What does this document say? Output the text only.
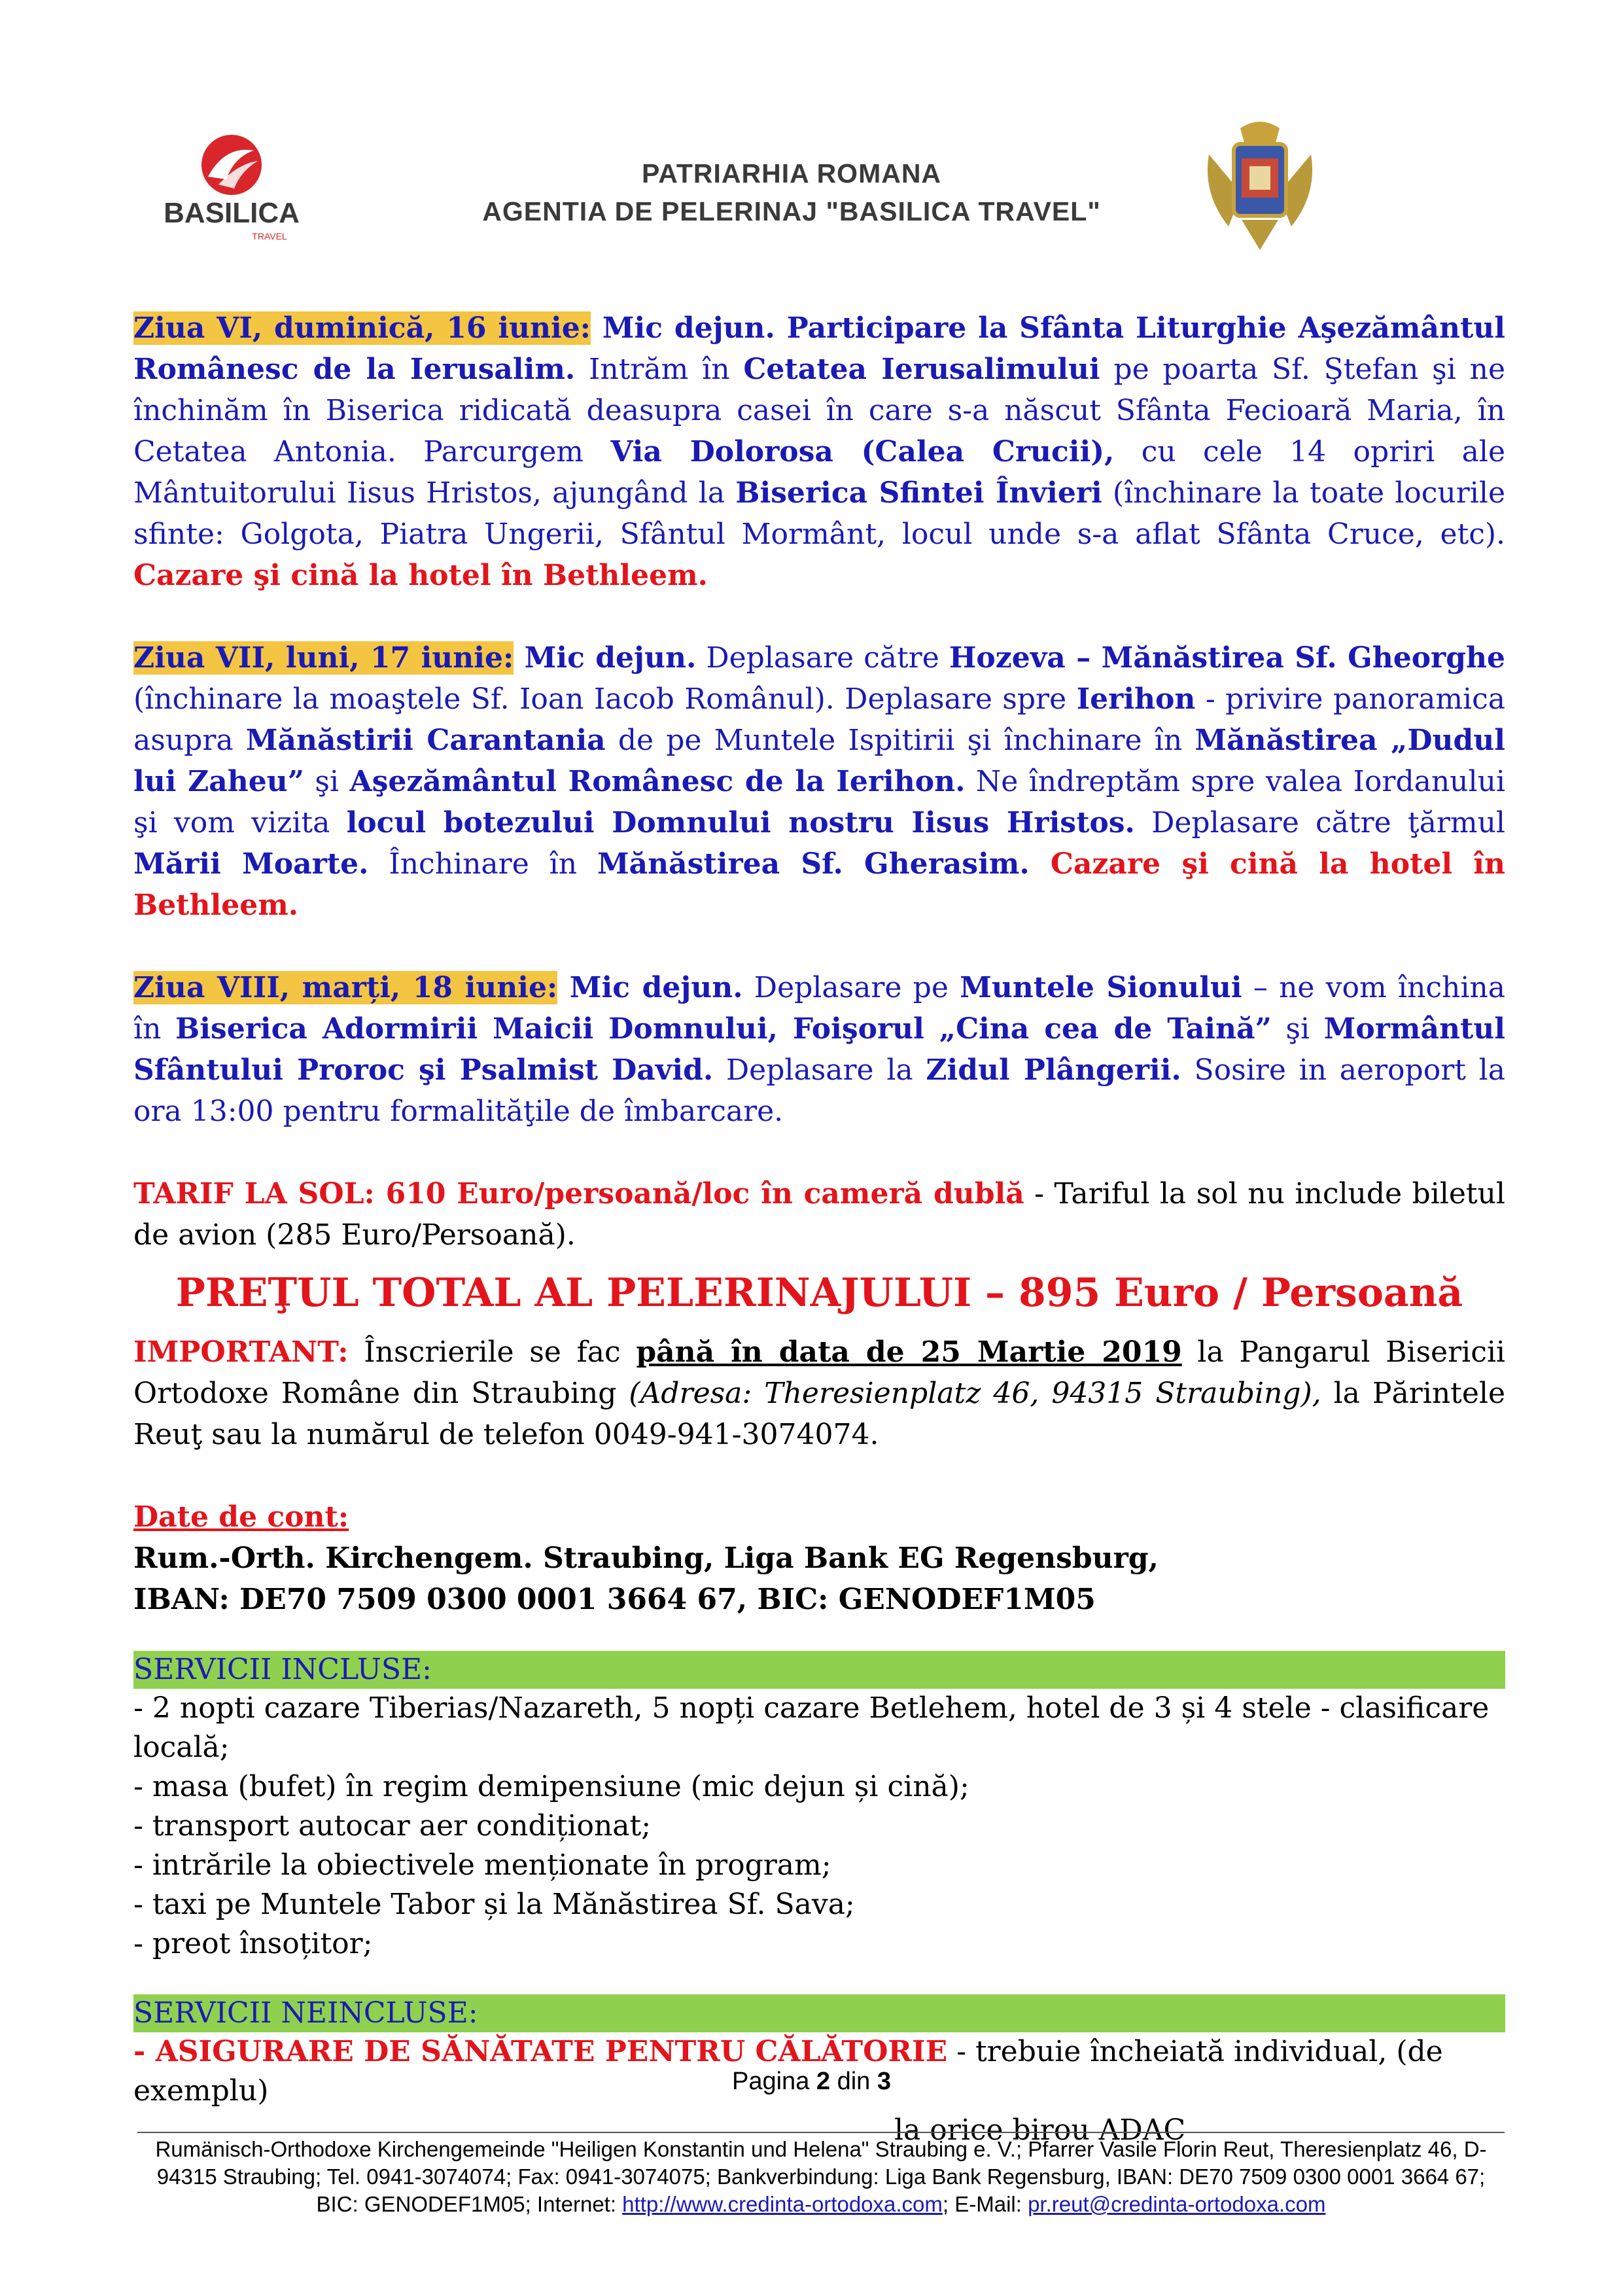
BASILICA
TRAVEL
PATRIARHIA ROMANA
AGENTIA DE PELERINAJ "BASILICA TRAVEL"

Ziua VI, duminică, 16 iunie: Mic dejun. Participare la Sfânta Liturghie Aşezământul Românesc de la Ierusalim. Intrăm în Cetatea Ierusalimului pe poarta Sf. Ştefan şi ne închinăm în Biserica ridicată deasupra casei în care s-a născut Sfânta Fecioară Maria, în Cetatea Antonia. Parcurgem Via Dolorosa (Calea Crucii), cu cele 14 opriri ale Mântuitorului Iisus Hristos, ajungând la Biserica Sfintei Învieri (închinare la toate locurile sfinte: Golgota, Piatra Ungerii, Sfântul Mormânt, locul unde s-a aflat Sfânta Cruce, etc). Cazare şi cină la hotel în Bethleem.

Ziua VII, luni, 17 iunie: Mic dejun. Deplasare către Hozeva – Mănăstirea Sf. Gheorghe (închinare la moaştele Sf. Ioan Iacob Românul). Deplasare spre Ierihon - privire panoramica asupra Mănăstirii Carantania de pe Muntele Ispitirii şi închinare în Mănăstirea „Dudul lui Zaheu” şi Aşezământul Românesc de la Ierihon. Ne îndreptăm spre valea Iordanului şi vom vizita locul botezului Domnului nostru Iisus Hristos. Deplasare către ţărmul Mării Moarte. Închinare în Mănăstirea Sf. Gherasim. Cazare şi cină la hotel în Bethleem.

Ziua VIII, marți, 18 iunie: Mic dejun. Deplasare pe Muntele Sionului – ne vom închina în Biserica Adormirii Maicii Domnului, Foişorul „Cina cea de Taină” şi Mormântul Sfântului Proroc şi Psalmist David. Deplasare la Zidul Plângerii. Sosire in aeroport la ora 13:00 pentru formalităţile de îmbarcare.

TARIF LA SOL: 610 Euro/persoană/loc în cameră dublă - Tariful la sol nu include biletul de avion (285 Euro/Persoană).

PREŢUL TOTAL AL PELERINAJULUI – 895 Euro / Persoană

IMPORTANT: Înscrierile se fac până în data de 25 Martie 2019 la Pangarul Bisericii Ortodoxe Române din Straubing (Adresa: Theresienplatz 46, 94315 Straubing), la Părintele Reuţ sau la numărul de telefon 0049-941-3074074.

Date de cont:
Rum.-Orth. Kirchengem. Straubing, Liga Bank EG Regensburg,
IBAN: DE70 7509 0300 0001 3664 67, BIC: GENODEF1M05
SERVICII INCLUSE:
- 2 nopti cazare Tiberias/Nazareth, 5 nopți cazare Betlehem, hotel de 3 și 4 stele - clasificare locală;
- masa (bufet) în regim demipensiune (mic dejun și cină);
- transport autocar aer condiționat;
- intrările la obiectivele menționate în program;
- taxi pe Muntele Tabor și la Mănăstirea Sf. Sava;
- preot însoțitor;
SERVICII NEINCLUSE:
- ASIGURARE DE SĂNĂTATE PENTRU CĂLĂTORIE - trebuie încheiată individual, (de exemplu)
la orice birou ADAC
Pagina 2 din 3
Rumänisch-Orthodoxe Kirchengemeinde "Heiligen Konstantin und Helena" Straubing e. V.; Pfarrer Vasile Florin Reut, Theresienplatz 46, D-
94315 Straubing; Tel. 0941-3074074; Fax: 0941-3074075; Bankverbindung: Liga Bank Regensburg, IBAN: DE70 7509 0300 0001 3664 67;
BIC: GENODEF1M05; Internet: http://www.credinta-ortodoxa.com; E-Mail: pr.reut@credinta-ortodoxa.com
